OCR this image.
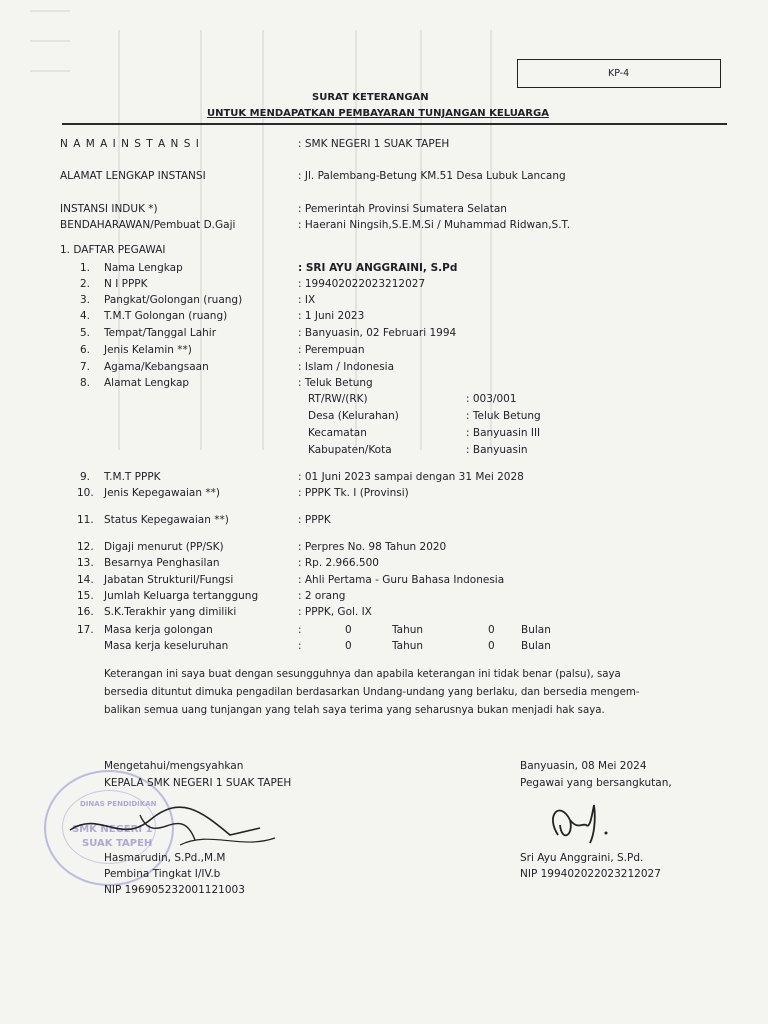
KP-4
SURAT KETERANGAN
UNTUK MENDAPATKAN PEMBAYARAN TUNJANGAN KELUARGA
N A M A I N S T A N S I	: SMK NEGERI 1 SUAK TAPEH
ALAMAT LENGKAP INSTANSI	: Jl. Palembang-Betung KM.51 Desa Lubuk Lancang
INSTANSI INDUK *)	: Pemerintah Provinsi Sumatera Selatan
BENDAHARAWAN/Pembuat D.Gaji	: Haerani Ningsih,S.E.M.Si / Muhammad Ridwan,S.T.
1. DAFTAR PEGAWAI
1. Nama Lengkap	: SRI AYU ANGGRAINI, S.Pd
2. N I PPPK	: 199402022023212027
3. Pangkat/Golongan (ruang)	: IX
4. T.M.T Golongan (ruang)	: 1 Juni 2023
5. Tempat/Tanggal Lahir	: Banyuasin, 02 Februari 1994
6. Jenis Kelamin **)	: Perempuan
7. Agama/Kebangsaan	: Islam / Indonesia
8. Alamat Lengkap	: Teluk Betung
RT/RW/(RK)	: 003/001
Desa (Kelurahan)	: Teluk Betung
Kecamatan	: Banyuasin III
Kabupaten/Kota	: Banyuasin
9. T.M.T PPPK	: 01 Juni 2023 sampai dengan 31 Mei 2028
10. Jenis Kepegawaian **)	: PPPK Tk. I (Provinsi)
11. Status Kepegawaian **)	: PPPK
12. Digaji menurut (PP/SK)	: Perpres No. 98 Tahun 2020
13. Besarnya Penghasilan	: Rp. 2.966.500
14. Jabatan Strukturil/Fungsi	: Ahli Pertama - Guru Bahasa Indonesia
15. Jumlah Keluarga tertanggung	: 2 orang
16. S.K.Terakhir yang dimiliki	: PPPK, Gol. IX
17. Masa kerja golongan	:	0	Tahun	0	Bulan
Masa kerja keseluruhan	:	0	Tahun	0	Bulan
Keterangan ini saya buat dengan sesungguhnya dan apabila keterangan ini tidak benar (palsu), saya
bersedia dituntut dimuka pengadilan berdasarkan Undang-undang yang berlaku, dan bersedia mengem-
balikan semua uang tunjangan yang telah saya terima yang seharusnya bukan menjadi hak saya.
DINAS PENDIDIKAN
SMK NEGERI 1
SUAK TAPEH
Mengetahui/mengsyahkan
KEPALA SMK NEGERI 1 SUAK TAPEH
Hasmarudin, S.Pd.,M.M
Pembina Tingkat I/IV.b
NIP 196905232001121003
Banyuasin, 08 Mei 2024
Pegawai yang bersangkutan,
Sri Ayu Anggraini, S.Pd.
NIP 199402022023212027
